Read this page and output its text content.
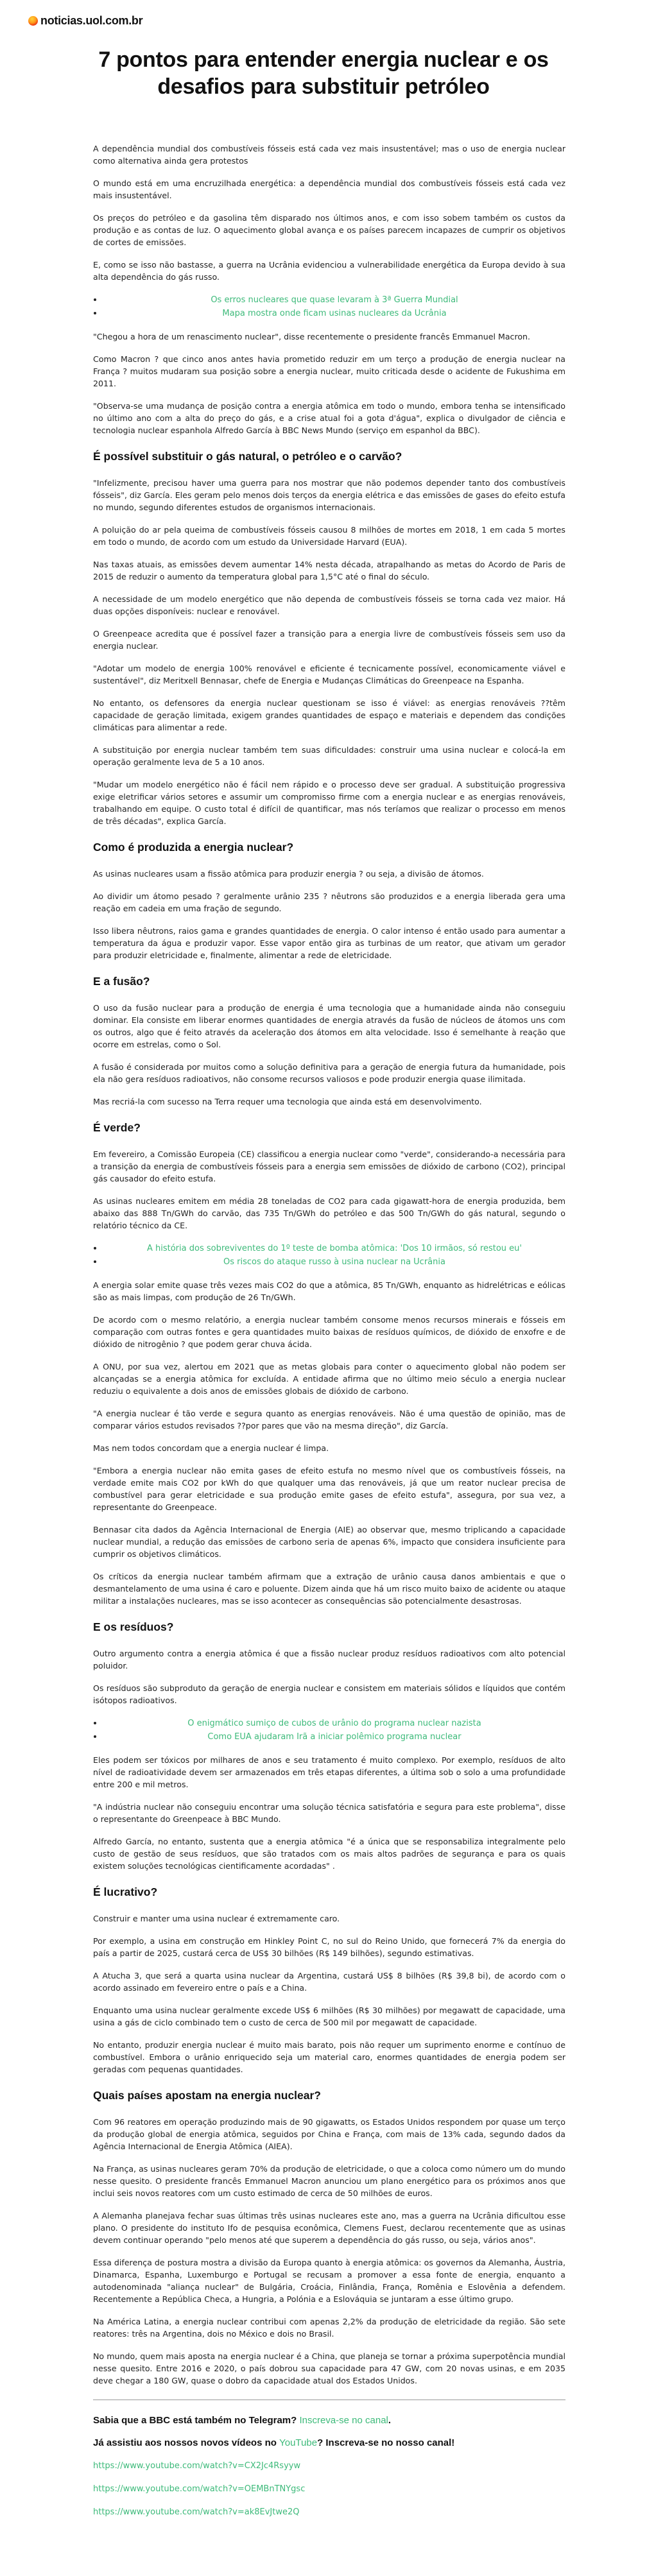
noticias.uol.com.br
7 pontos para entender energia nuclear e os desafios para substituir petróleo

A dependência mundial dos combustíveis fósseis está cada vez mais insustentável; mas o uso de energia nuclear como alternativa ainda gera protestos

O mundo está em uma encruzilhada energética: a dependência mundial dos combustíveis fósseis está cada vez mais insustentável.

Os preços do petróleo e da gasolina têm disparado nos últimos anos, e com isso sobem também os custos da produção e as contas de luz. O aquecimento global avança e os países parecem incapazes de cumprir os objetivos de cortes de emissões.

E, como se isso não bastasse, a guerra na Ucrânia evidenciou a vulnerabilidade energética da Europa devido à sua alta dependência do gás russo.

• Os erros nucleares que quase levaram à 3ª Guerra Mundial
• Mapa mostra onde ficam usinas nucleares da Ucrânia

"Chegou a hora de um renascimento nuclear", disse recentemente o presidente francês Emmanuel Macron.

Como Macron ? que cinco anos antes havia prometido reduzir em um terço a produção de energia nuclear na França ? muitos mudaram sua posição sobre a energia nuclear, muito criticada desde o acidente de Fukushima em 2011.

"Observa-se uma mudança de posição contra a energia atômica em todo o mundo, embora tenha se intensificado no último ano com a alta do preço do gás, e a crise atual foi a gota d'água", explica o divulgador de ciência e tecnologia nuclear espanhola Alfredo García à BBC News Mundo (serviço em espanhol da BBC).

É possível substituir o gás natural, o petróleo e o carvão?

"Infelizmente, precisou haver uma guerra para nos mostrar que não podemos depender tanto dos combustíveis fósseis", diz García. Eles geram pelo menos dois terços da energia elétrica e das emissões de gases do efeito estufa no mundo, segundo diferentes estudos de organismos internacionais.

A poluição do ar pela queima de combustíveis fósseis causou 8 milhões de mortes em 2018, 1 em cada 5 mortes em todo o mundo, de acordo com um estudo da Universidade Harvard (EUA).

Nas taxas atuais, as emissões devem aumentar 14% nesta década, atrapalhando as metas do Acordo de Paris de 2015 de reduzir o aumento da temperatura global para 1,5°C até o final do século.

A necessidade de um modelo energético que não dependa de combustíveis fósseis se torna cada vez maior. Há duas opções disponíveis: nuclear e renovável.

O Greenpeace acredita que é possível fazer a transição para a energia livre de combustíveis fósseis sem uso da energia nuclear.

"Adotar um modelo de energia 100% renovável e eficiente é tecnicamente possível, economicamente viável e sustentável", diz Meritxell Bennasar, chefe de Energia e Mudanças Climáticas do Greenpeace na Espanha.

No entanto, os defensores da energia nuclear questionam se isso é viável: as energias renováveis ??têm capacidade de geração limitada, exigem grandes quantidades de espaço e materiais e dependem das condições climáticas para alimentar a rede.

A substituição por energia nuclear também tem suas dificuldades: construir uma usina nuclear e colocá-la em operação geralmente leva de 5 a 10 anos.

"Mudar um modelo energético não é fácil nem rápido e o processo deve ser gradual. A substituição progressiva exige eletrificar vários setores e assumir um compromisso firme com a energia nuclear e as energias renováveis, trabalhando em equipe. O custo total é difícil de quantificar, mas nós teríamos que realizar o processo em menos de três décadas", explica García.

Como é produzida a energia nuclear?

As usinas nucleares usam a fissão atômica para produzir energia ? ou seja, a divisão de átomos.

Ao dividir um átomo pesado ? geralmente urânio 235 ? nêutrons são produzidos e a energia liberada gera uma reação em cadeia em uma fração de segundo.

Isso libera nêutrons, raios gama e grandes quantidades de energia. O calor intenso é então usado para aumentar a temperatura da água e produzir vapor. Esse vapor então gira as turbinas de um reator, que ativam um gerador para produzir eletricidade e, finalmente, alimentar a rede de eletricidade.

E a fusão?

O uso da fusão nuclear para a produção de energia é uma tecnologia que a humanidade ainda não conseguiu dominar. Ela consiste em liberar enormes quantidades de energia através da fusão de núcleos de átomos uns com os outros, algo que é feito através da aceleração dos átomos em alta velocidade. Isso é semelhante à reação que ocorre em estrelas, como o Sol.

A fusão é considerada por muitos como a solução definitiva para a geração de energia futura da humanidade, pois ela não gera resíduos radioativos, não consome recursos valiosos e pode produzir energia quase ilimitada.

Mas recriá-la com sucesso na Terra requer uma tecnologia que ainda está em desenvolvimento.

É verde?

Em fevereiro, a Comissão Europeia (CE) classificou a energia nuclear como "verde", considerando-a necessária para a transição da energia de combustíveis fósseis para a energia sem emissões de dióxido de carbono (CO2), principal gás causador do efeito estufa.

As usinas nucleares emitem em média 28 toneladas de CO2 para cada gigawatt-hora de energia produzida, bem abaixo das 888 Tn/GWh do carvão, das 735 Tn/GWh do petróleo e das 500 Tn/GWh do gás natural, segundo o relatório técnico da CE.

• A história dos sobreviventes do 1º teste de bomba atômica: 'Dos 10 irmãos, só restou eu'
• Os riscos do ataque russo à usina nuclear na Ucrânia

A energia solar emite quase três vezes mais CO2 do que a atômica, 85 Tn/GWh, enquanto as hidrelétricas e eólicas são as mais limpas, com produção de 26 Tn/GWh.

De acordo com o mesmo relatório, a energia nuclear também consome menos recursos minerais e fósseis em comparação com outras fontes e gera quantidades muito baixas de resíduos químicos, de dióxido de enxofre e de dióxido de nitrogênio ? que podem gerar chuva ácida.

A ONU, por sua vez, alertou em 2021 que as metas globais para conter o aquecimento global não podem ser alcançadas se a energia atômica for excluída. A entidade afirma que no último meio século a energia nuclear reduziu o equivalente a dois anos de emissões globais de dióxido de carbono.

"A energia nuclear é tão verde e segura quanto as energias renováveis. Não é uma questão de opinião, mas de comparar vários estudos revisados ??por pares que vão na mesma direção", diz García.

Mas nem todos concordam que a energia nuclear é limpa.

"Embora a energia nuclear não emita gases de efeito estufa no mesmo nível que os combustíveis fósseis, na verdade emite mais CO2 por kWh do que qualquer uma das renováveis, já que um reator nuclear precisa de combustível para gerar eletricidade e sua produção emite gases de efeito estufa", assegura, por sua vez, a representante do Greenpeace.

Bennasar cita dados da Agência Internacional de Energia (AIE) ao observar que, mesmo triplicando a capacidade nuclear mundial, a redução das emissões de carbono seria de apenas 6%, impacto que considera insuficiente para cumprir os objetivos climáticos.

Os críticos da energia nuclear também afirmam que a extração de urânio causa danos ambientais e que o desmantelamento de uma usina é caro e poluente. Dizem ainda que há um risco muito baixo de acidente ou ataque militar a instalações nucleares, mas se isso acontecer as consequências são potencialmente desastrosas.

E os resíduos?

Outro argumento contra a energia atômica é que a fissão nuclear produz resíduos radioativos com alto potencial poluidor.

Os resíduos são subproduto da geração de energia nuclear e consistem em materiais sólidos e líquidos que contém isótopos radioativos.

• O enigmático sumiço de cubos de urânio do programa nuclear nazista
• Como EUA ajudaram Irã a iniciar polêmico programa nuclear

Eles podem ser tóxicos por milhares de anos e seu tratamento é muito complexo. Por exemplo, resíduos de alto nível de radioatividade devem ser armazenados em três etapas diferentes, a última sob o solo a uma profundidade entre 200 e mil metros.

"A indústria nuclear não conseguiu encontrar uma solução técnica satisfatória e segura para este problema", disse o representante do Greenpeace à BBC Mundo.

Alfredo García, no entanto, sustenta que a energia atômica "é a única que se responsabiliza integralmente pelo custo de gestão de seus resíduos, que são tratados com os mais altos padrões de segurança e para os quais existem soluções tecnológicas cientificamente acordadas" .

É lucrativo?

Construir e manter uma usina nuclear é extremamente caro.

Por exemplo, a usina em construção em Hinkley Point C, no sul do Reino Unido, que fornecerá 7% da energia do país a partir de 2025, custará cerca de US$ 30 bilhões (R$ 149 bilhões), segundo estimativas.

A Atucha 3, que será a quarta usina nuclear da Argentina, custará US$ 8 bilhões (R$ 39,8 bi), de acordo com o acordo assinado em fevereiro entre o país e a China.

Enquanto uma usina nuclear geralmente excede US$ 6 milhões (R$ 30 milhões) por megawatt de capacidade, uma usina a gás de ciclo combinado tem o custo de cerca de 500 mil por megawatt de capacidade.

No entanto, produzir energia nuclear é muito mais barato, pois não requer um suprimento enorme e contínuo de combustível. Embora o urânio enriquecido seja um material caro, enormes quantidades de energia podem ser geradas com pequenas quantidades.

Quais países apostam na energia nuclear?

Com 96 reatores em operação produzindo mais de 90 gigawatts, os Estados Unidos respondem por quase um terço da produção global de energia atômica, seguidos por China e França, com mais de 13% cada, segundo dados da Agência Internacional de Energia Atômica (AIEA).

Na França, as usinas nucleares geram 70% da produção de eletricidade, o que a coloca como número um do mundo nesse quesito. O presidente francês Emmanuel Macron anunciou um plano energético para os próximos anos que inclui seis novos reatores com um custo estimado de cerca de 50 milhões de euros.

A Alemanha planejava fechar suas últimas três usinas nucleares este ano, mas a guerra na Ucrânia dificultou esse plano. O presidente do instituto Ifo de pesquisa econômica, Clemens Fuest, declarou recentemente que as usinas devem continuar operando "pelo menos até que superem a dependência do gás russo, ou seja, vários anos".

Essa diferença de postura mostra a divisão da Europa quanto à energia atômica: os governos da Alemanha, Áustria, Dinamarca, Espanha, Luxemburgo e Portugal se recusam a promover a essa fonte de energia, enquanto a autodenominada "aliança nuclear" de Bulgária, Croácia, Finlândia, França, Romênia e Eslovênia a defendem. Recentemente a República Checa, a Hungria, a Polónia e a Eslováquia se juntaram a esse último grupo.

Na América Latina, a energia nuclear contribui com apenas 2,2% da produção de eletricidade da região. São sete reatores: três na Argentina, dois no México e dois no Brasil.

No mundo, quem mais aposta na energia nuclear é a China, que planeja se tornar a próxima superpotência mundial nesse quesito. Entre 2016 e 2020, o país dobrou sua capacidade para 47 GW, com 20 novas usinas, e em 2035 deve chegar a 180 GW, quase o dobro da capacidade atual dos Estados Unidos.

Sabia que a BBC está também no Telegram? Inscreva-se no canal.

Já assistiu aos nossos novos vídeos no YouTube? Inscreva-se no nosso canal!

https://www.youtube.com/watch?v=CX2Jc4Rsyyw

https://www.youtube.com/watch?v=OEMBnTNYgsc

https://www.youtube.com/watch?v=ak8EvJtwe2Q
